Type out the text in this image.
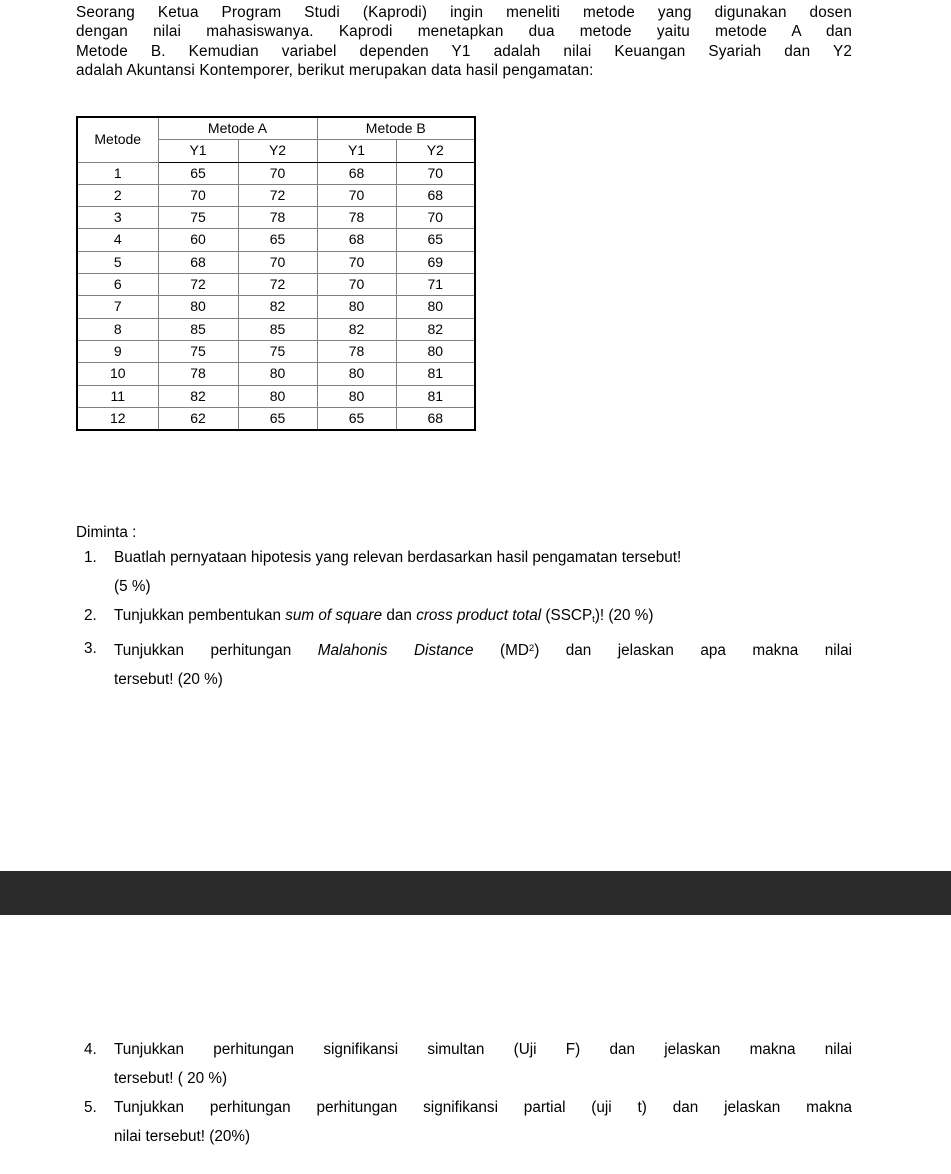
Seorang Ketua Program Studi (Kaprodi) ingin meneliti metode yang digunakan dosen
dengan nilai mahasiswanya. Kaprodi menetapkan dua metode yaitu metode A dan
Metode B. Kemudian variabel dependen Y1 adalah nilai Keuangan Syariah dan Y2
adalah Akuntansi Kontemporer, berikut merupakan data hasil pengamatan:
Metode	Metode A		Metode B	
	Y1	Y2	Y1	Y2
1	65	70	68	70
2	70	72	70	68
3	75	78	78	70
4	60	65	68	65
5	68	70	70	69
6	72	72	70	71
7	80	82	80	80
8	85	85	82	82
9	75	75	78	80
10	78	80	80	81
11	82	80	80	81
12	62	65	65	68
Diminta :
1.	Buatlah pernyataan hipotesis yang relevan berdasarkan hasil pengamatan tersebut!
(5 %)
2.	Tunjukkan pembentukan sum of square dan cross product total $(SSCP_t)$! (20 %)
3.	Tunjukkan perhitungan Malahonis Distance $(MD^2)$ dan jelaskan apa makna nilai
tersebut! (20 %)
4.	Tunjukkan perhitungan signifikansi simultan (Uji F) dan jelaskan makna nilai
tersebut! ( 20 %)
5.	Tunjukkan perhitungan perhitungan signifikansi partial (uji t) dan jelaskan makna
nilai tersebut! (20%)
